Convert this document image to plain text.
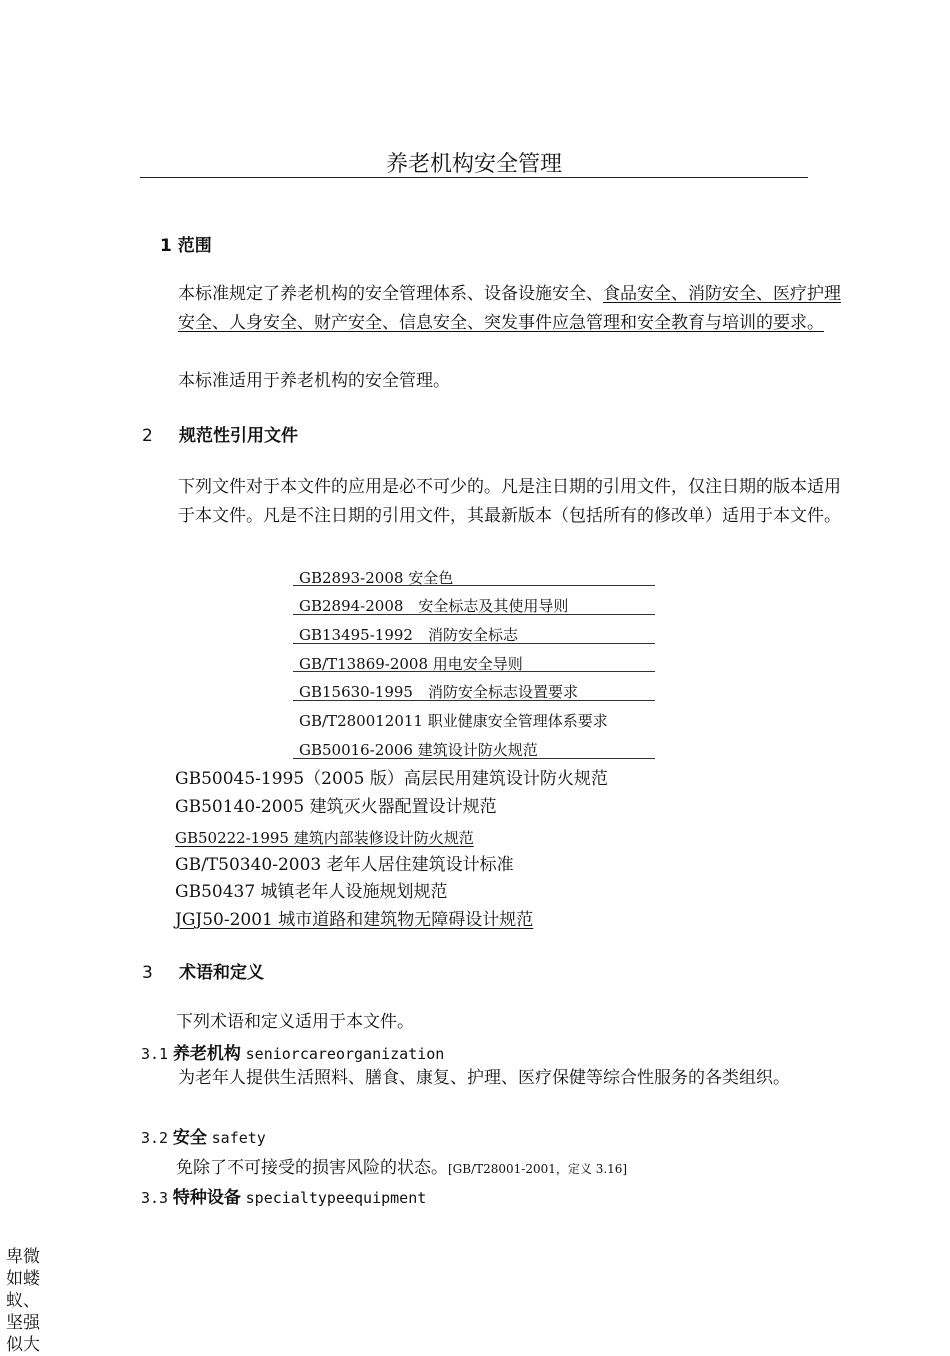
养老机构安全管理
1 范围
本标准规定了养老机构的安全管理体系、设备设施安全、食品安全、消防安全、医疗护理安全、人身安全、财产安全、信息安全、突发事件应急管理和安全教育与培训的要求。
本标准适用于养老机构的安全管理。
2 规范性引用文件
下列文件对于本文件的应用是必不可少的。凡是注日期的引用文件，仅注日期的版本适用于本文件。凡是不注日期的引用文件，其最新版本（包括所有的修改单）适用于本文件。
GB2893-2008 安全色
GB2894-2008　安全标志及其使用导则
GB13495-1992　消防安全标志
GB/T13869-2008 用电安全导则
GB15630-1995　消防安全标志设置要求
GB/T280012011 职业健康安全管理体系要求
GB50016-2006 建筑设计防火规范
GB50045-1995（2005 版）高层民用建筑设计防火规范
GB50140-2005 建筑灭火器配置设计规范
GB50222-1995 建筑内部装修设计防火规范
GB/T50340-2003 老年人居住建筑设计标准
GB50437 城镇老年人设施规划规范
JGJ50-2001 城市道路和建筑物无障碍设计规范
3 术语和定义
下列术语和定义适用于本文件。
3.1 养老机构 seniorcareorganization
为老年人提供生活照料、膳食、康复、护理、医疗保健等综合性服务的各类组织。
3.2 安全 safety
免除了不可接受的损害风险的状态。[GB/T28001-2001，定义 3.16]
3.3 特种设备 specialtypeequipment
卑微如蝼蚁、坚强似大
